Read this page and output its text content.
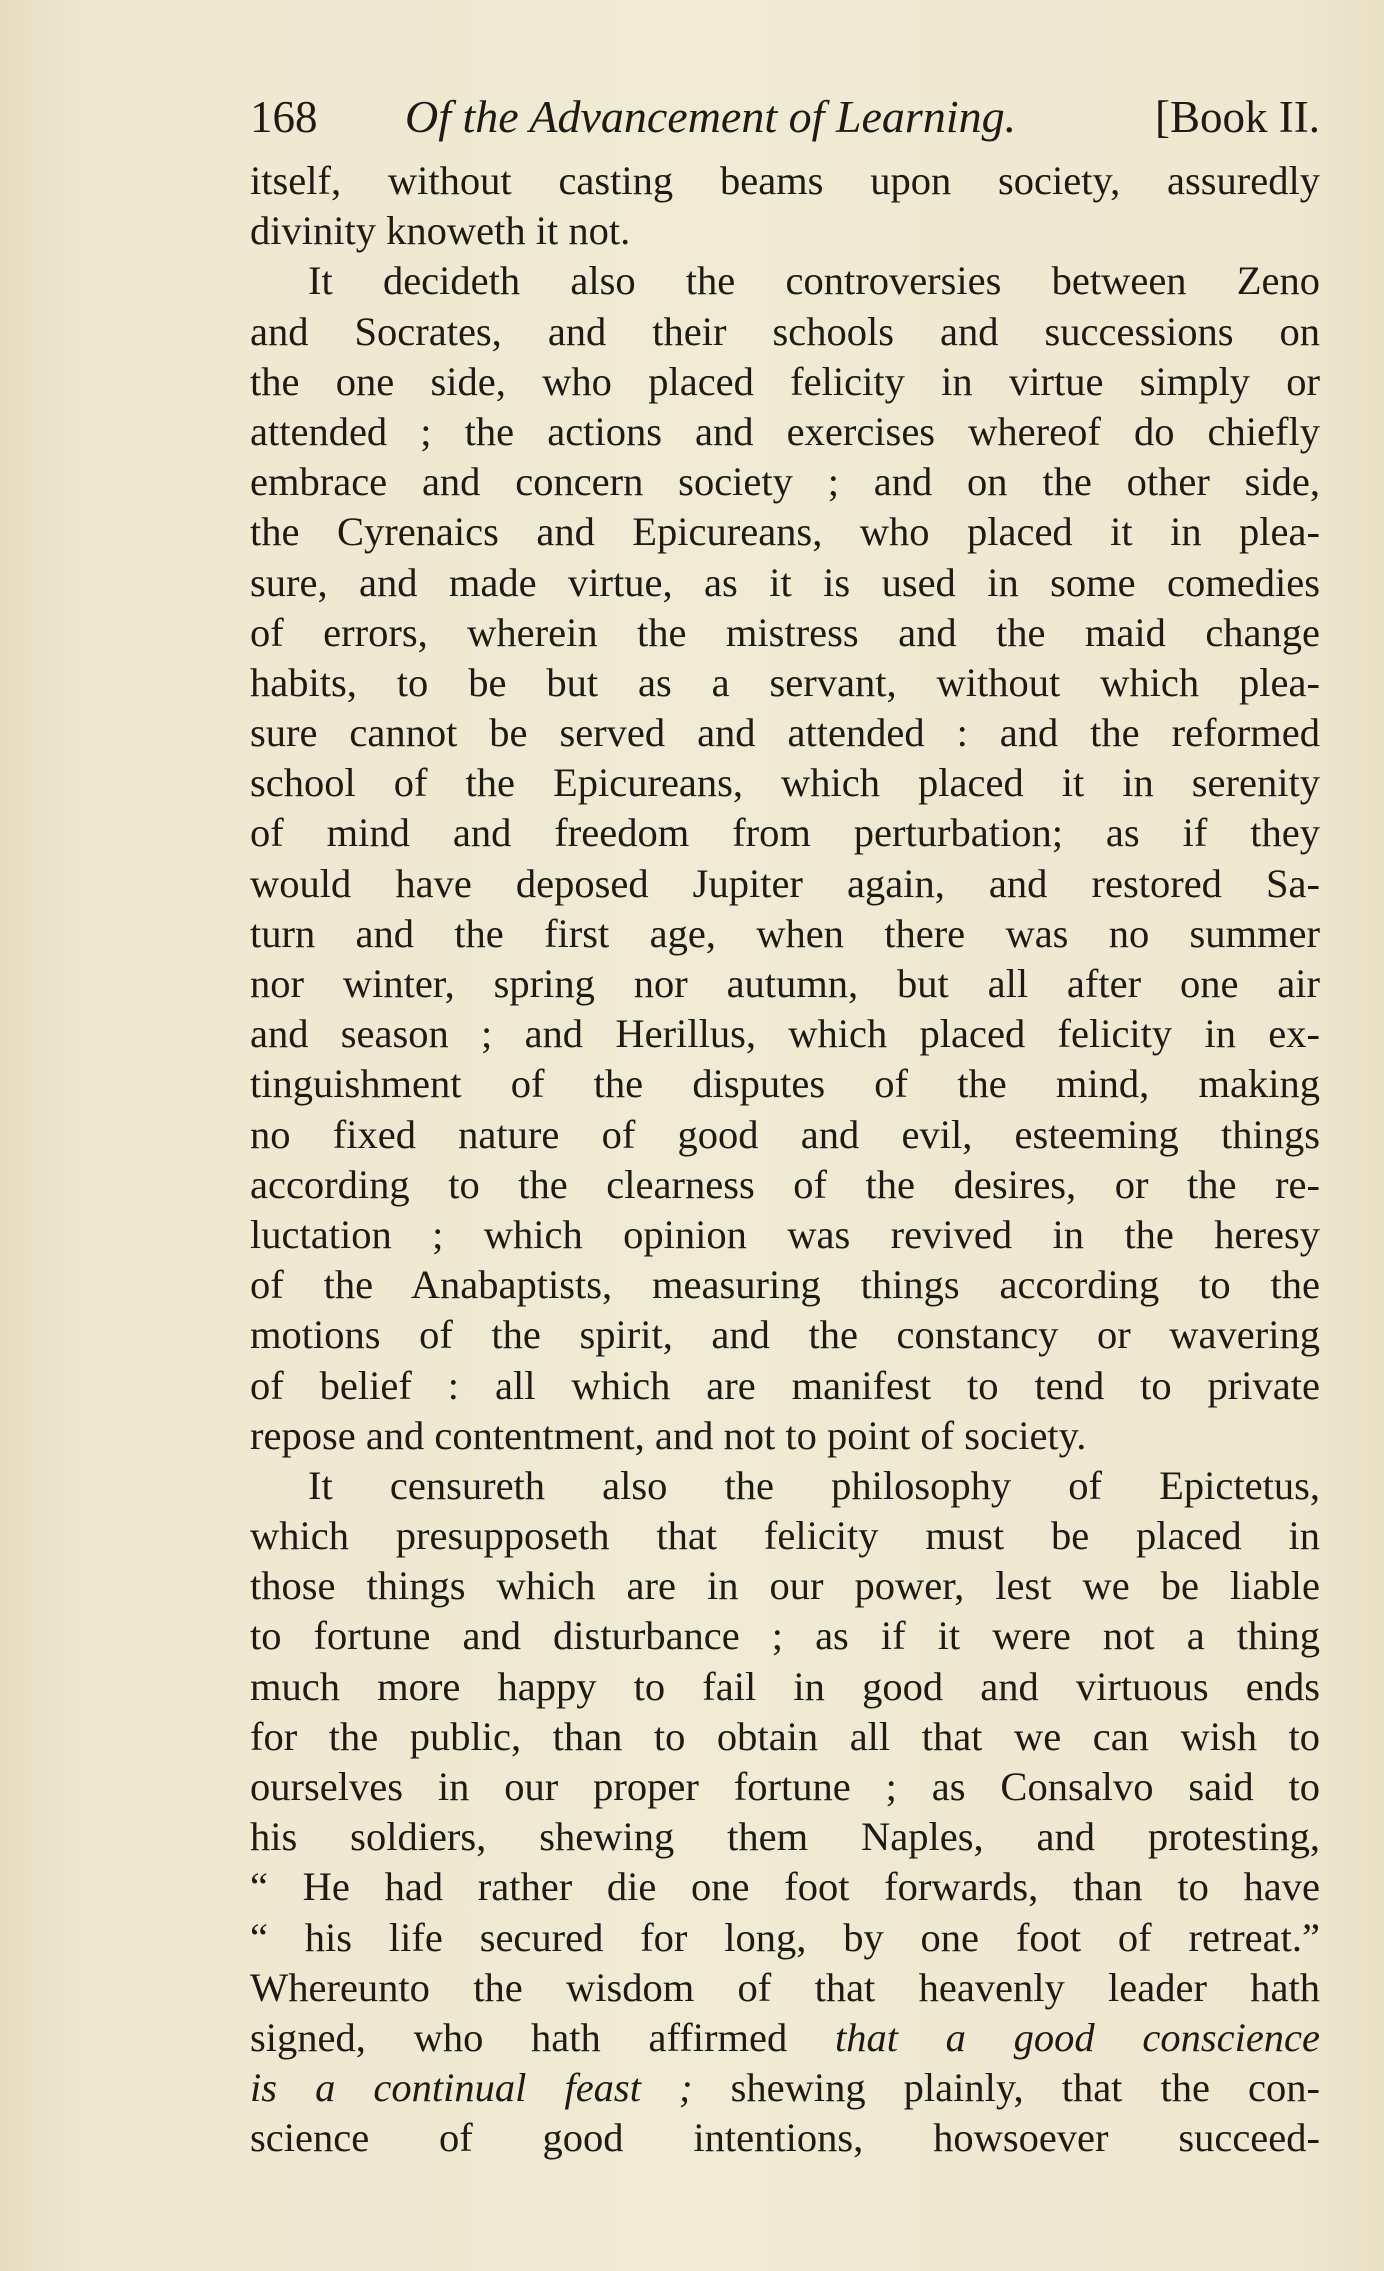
168 Of the Advancement of Learning.	[Book II.
itself, without casting beams upon society, assuredly
divinity knoweth it not.
It decideth also the controversies between Zeno
and Socrates, and their schools and successions on
the one side, who placed felicity in virtue simply or
attended ; the actions and exercises whereof do chiefly
embrace and concern society ; and on the other side,
the Cyrenaics and Epicureans, who placed it in plea-
sure, and made virtue, as it is used in some comedies
of errors, wherein the mistress and the maid change
habits, to be but as a servant, without which plea-
sure cannot be served and attended : and the reformed
school of the Epicureans, which placed it in serenity
of mind and freedom from perturbation; as if they
would have deposed Jupiter again, and restored Sa-
turn and the first age, when there was no summer
nor winter, spring nor autumn, but all after one air
and season ; and Herillus, which placed felicity in ex-
tinguishment of the disputes of the mind, making
no fixed nature of good and evil, esteeming things
according to the clearness of the desires, or the re-
luctation ; which opinion was revived in the heresy
of the Anabaptists, measuring things according to the
motions of the spirit, and the constancy or wavering
of belief : all which are manifest to tend to private
repose and contentment, and not to point of society.
It censureth also the philosophy of Epictetus,
which presupposeth that felicity must be placed in
those things which are in our power, lest we be liable
to fortune and disturbance ; as if it were not a thing
much more happy to fail in good and virtuous ends
for the public, than to obtain all that we can wish to
ourselves in our proper fortune ; as Consalvo said to
his soldiers, shewing them Naples, and protesting,
“ He had rather die one foot forwards, than to have
“ his life secured for long, by one foot of retreat.”
Whereunto the wisdom of that heavenly leader hath
signed, who hath affirmed that a good conscience
is a continual feast ; shewing plainly, that the con-
science of good intentions, howsoever succeed-
